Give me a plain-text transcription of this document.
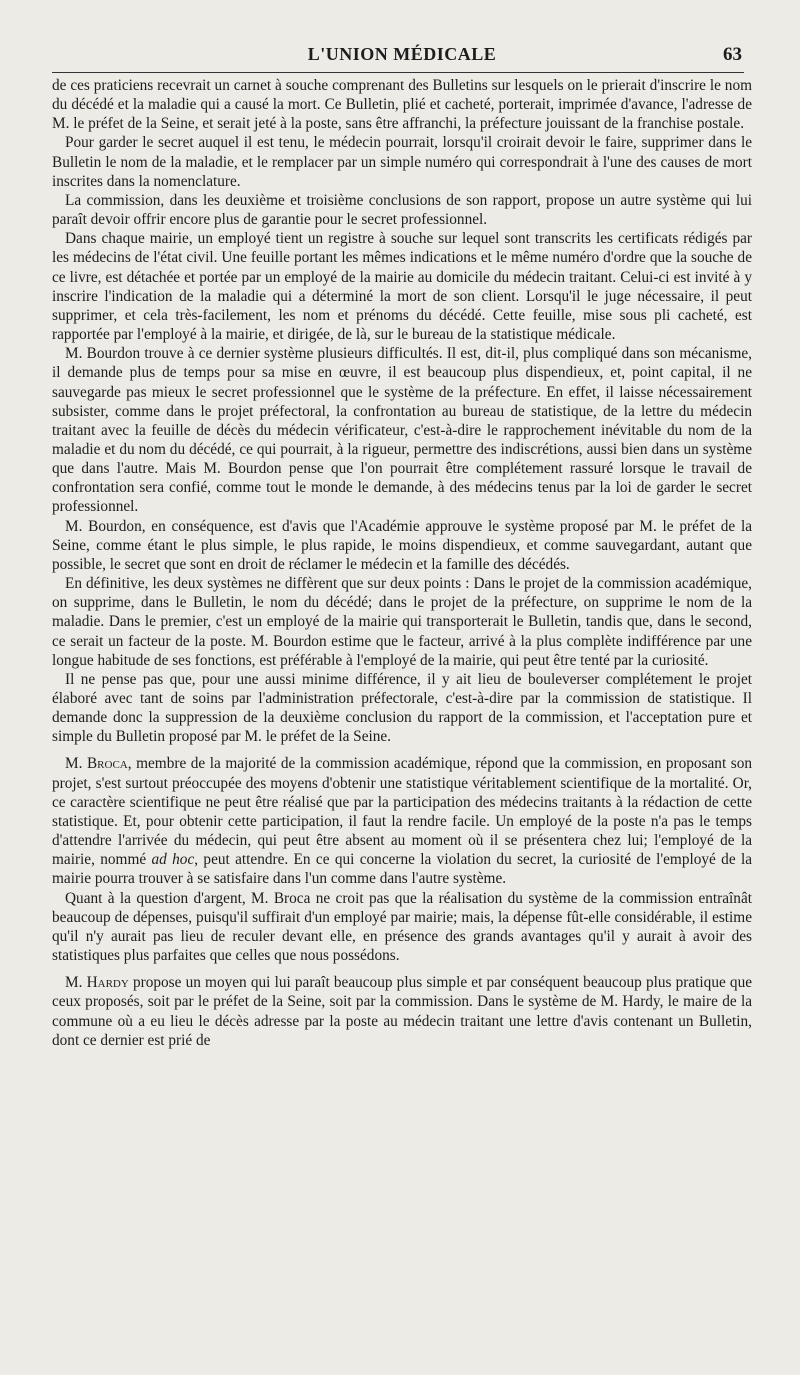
L'UNION MÉDICALE	63

de ces praticiens recevrait un carnet à souche comprenant des Bulletins sur lesquels on le prierait d'inscrire le nom du décédé et la maladie qui a causé la mort. Ce Bulletin, plié et cacheté, porterait, imprimée d'avance, l'adresse de M. le préfet de la Seine, et serait jeté à la poste, sans être affranchi, la préfecture jouissant de la franchise postale.

Pour garder le secret auquel il est tenu, le médecin pourrait, lorsqu'il croirait devoir le faire, supprimer dans le Bulletin le nom de la maladie, et le remplacer par un simple numéro qui correspondrait à l'une des causes de mort inscrites dans la nomenclature.

La commission, dans les deuxième et troisième conclusions de son rapport, propose un autre système qui lui paraît devoir offrir encore plus de garantie pour le secret professionnel.

Dans chaque mairie, un employé tient un registre à souche sur lequel sont transcrits les certificats rédigés par les médecins de l'état civil. Une feuille portant les mêmes indications et le même numéro d'ordre que la souche de ce livre, est détachée et portée par un employé de la mairie au domicile du médecin traitant. Celui-ci est invité à y inscrire l'indication de la maladie qui a déterminé la mort de son client. Lorsqu'il le juge nécessaire, il peut supprimer, et cela très-facilement, les nom et prénoms du décédé. Cette feuille, mise sous pli cacheté, est rapportée par l'employé à la mairie, et dirigée, de là, sur le bureau de la statistique médicale.

M. Bourdon trouve à ce dernier système plusieurs difficultés. Il est, dit-il, plus compliqué dans son mécanisme, il demande plus de temps pour sa mise en œuvre, il est beaucoup plus dispendieux, et, point capital, il ne sauvegarde pas mieux le secret professionnel que le système de la préfecture. En effet, il laisse nécessairement subsister, comme dans le projet préfectoral, la confrontation au bureau de statistique, de la lettre du médecin traitant avec la feuille de décès du médecin vérificateur, c'est-à-dire le rapprochement inévitable du nom de la maladie et du nom du décédé, ce qui pourrait, à la rigueur, permettre des indiscrétions, aussi bien dans un système que dans l'autre. Mais M. Bourdon pense que l'on pourrait être complétement rassuré lorsque le travail de confrontation sera confié, comme tout le monde le demande, à des médecins tenus par la loi de garder le secret professionnel.

M. Bourdon, en conséquence, est d'avis que l'Académie approuve le système proposé par M. le préfet de la Seine, comme étant le plus simple, le plus rapide, le moins dispendieux, et comme sauvegardant, autant que possible, le secret que sont en droit de réclamer le médecin et la famille des décédés.

En définitive, les deux systèmes ne diffèrent que sur deux points : Dans le projet de la commission académique, on supprime, dans le Bulletin, le nom du décédé; dans le projet de la préfecture, on supprime le nom de la maladie. Dans le premier, c'est un employé de la mairie qui transporterait le Bulletin, tandis que, dans le second, ce serait un facteur de la poste. M. Bourdon estime que le facteur, arrivé à la plus complète indifférence par une longue habitude de ses fonctions, est préférable à l'employé de la mairie, qui peut être tenté par la curiosité.

Il ne pense pas que, pour une aussi minime différence, il y ait lieu de bouleverser complétement le projet élaboré avec tant de soins par l'administration préfectorale, c'est-à-dire par la commission de statistique. Il demande donc la suppression de la deuxième conclusion du rapport de la commission, et l'acceptation pure et simple du Bulletin proposé par M. le préfet de la Seine.

M. Broca, membre de la majorité de la commission académique, répond que la commission, en proposant son projet, s'est surtout préoccupée des moyens d'obtenir une statistique véritablement scientifique de la mortalité. Or, ce caractère scientifique ne peut être réalisé que par la participation des médecins traitants à la rédaction de cette statistique. Et, pour obtenir cette participation, il faut la rendre facile. Un employé de la poste n'a pas le temps d'attendre l'arrivée du médecin, qui peut être absent au moment où il se présentera chez lui; l'employé de la mairie, nommé ad hoc, peut attendre. En ce qui concerne la violation du secret, la curiosité de l'employé de la mairie pourra trouver à se satisfaire dans l'un comme dans l'autre système.

Quant à la question d'argent, M. Broca ne croit pas que la réalisation du système de la commission entraînât beaucoup de dépenses, puisqu'il suffirait d'un employé par mairie; mais, la dépense fût-elle considérable, il estime qu'il n'y aurait pas lieu de reculer devant elle, en présence des grands avantages qu'il y aurait à avoir des statistiques plus parfaites que celles que nous possédons.

M. Hardy propose un moyen qui lui paraît beaucoup plus simple et par conséquent beaucoup plus pratique que ceux proposés, soit par le préfet de la Seine, soit par la commission. Dans le système de M. Hardy, le maire de la commune où a eu lieu le décès adresse par la poste au médecin traitant une lettre d'avis contenant un Bulletin, dont ce dernier est prié de
